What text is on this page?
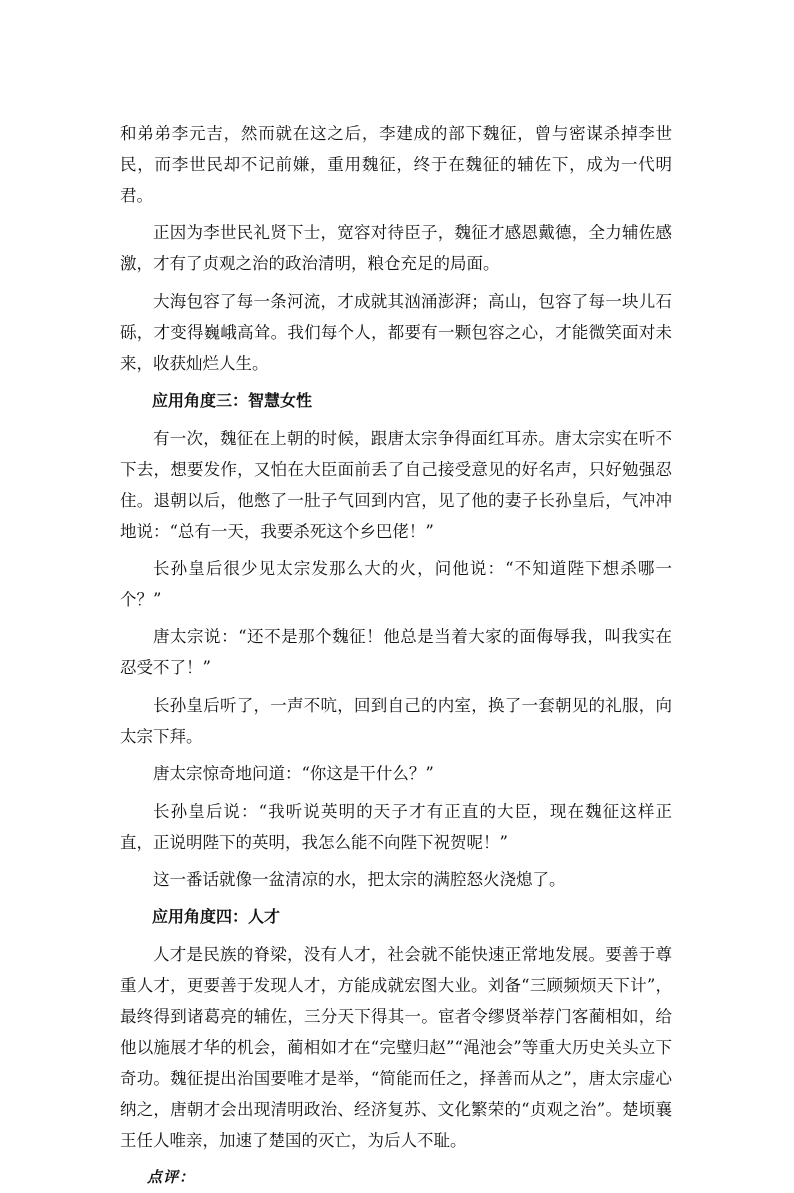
和弟弟李元吉，然而就在这之后，李建成的部下魏征，曾与密谋杀掉李世民，而李世民却不记前嫌，重用魏征，终于在魏征的辅佐下，成为一代明君。

正因为李世民礼贤下士，宽容对待臣子，魏征才感恩戴德，全力辅佐感激，才有了贞观之治的政治清明，粮仓充足的局面。

大海包容了每一条河流，才成就其汹涌澎湃；高山，包容了每一块儿石砾，才变得巍峨高耸。我们每个人，都要有一颗包容之心，才能微笑面对未来，收获灿烂人生。

应用角度三：智慧女性

有一次，魏征在上朝的时候，跟唐太宗争得面红耳赤。唐太宗实在听不下去，想要发作，又怕在大臣面前丢了自己接受意见的好名声，只好勉强忍住。退朝以后，他憋了一肚子气回到内宫，见了他的妻子长孙皇后，气冲冲地说：“总有一天，我要杀死这个乡巴佬！”

长孙皇后很少见太宗发那么大的火，问他说：“不知道陛下想杀哪一个？”

唐太宗说：“还不是那个魏征！他总是当着大家的面侮辱我，叫我实在忍受不了！”

长孙皇后听了，一声不吭，回到自己的内室，换了一套朝见的礼服，向太宗下拜。

唐太宗惊奇地问道：“你这是干什么？”

长孙皇后说：“我听说英明的天子才有正直的大臣，现在魏征这样正直，正说明陛下的英明，我怎么能不向陛下祝贺呢！”

这一番话就像一盆清凉的水，把太宗的满腔怒火浇熄了。

应用角度四：人才

人才是民族的脊梁，没有人才，社会就不能快速正常地发展。要善于尊重人才，更要善于发现人才，方能成就宏图大业。刘备“三顾频烦天下计”，最终得到诸葛亮的辅佐，三分天下得其一。宦者令缪贤举荐门客蔺相如，给他以施展才华的机会，蔺相如才在“完璧归赵”“渑池会”等重大历史关头立下奇功。魏征提出治国要唯才是举，“简能而任之，择善而从之”，唐太宗虚心纳之，唐朝才会出现清明政治、经济复苏、文化繁荣的“贞观之治”。楚顷襄王任人唯亲，加速了楚国的灭亡，为后人不耻。

点评：
